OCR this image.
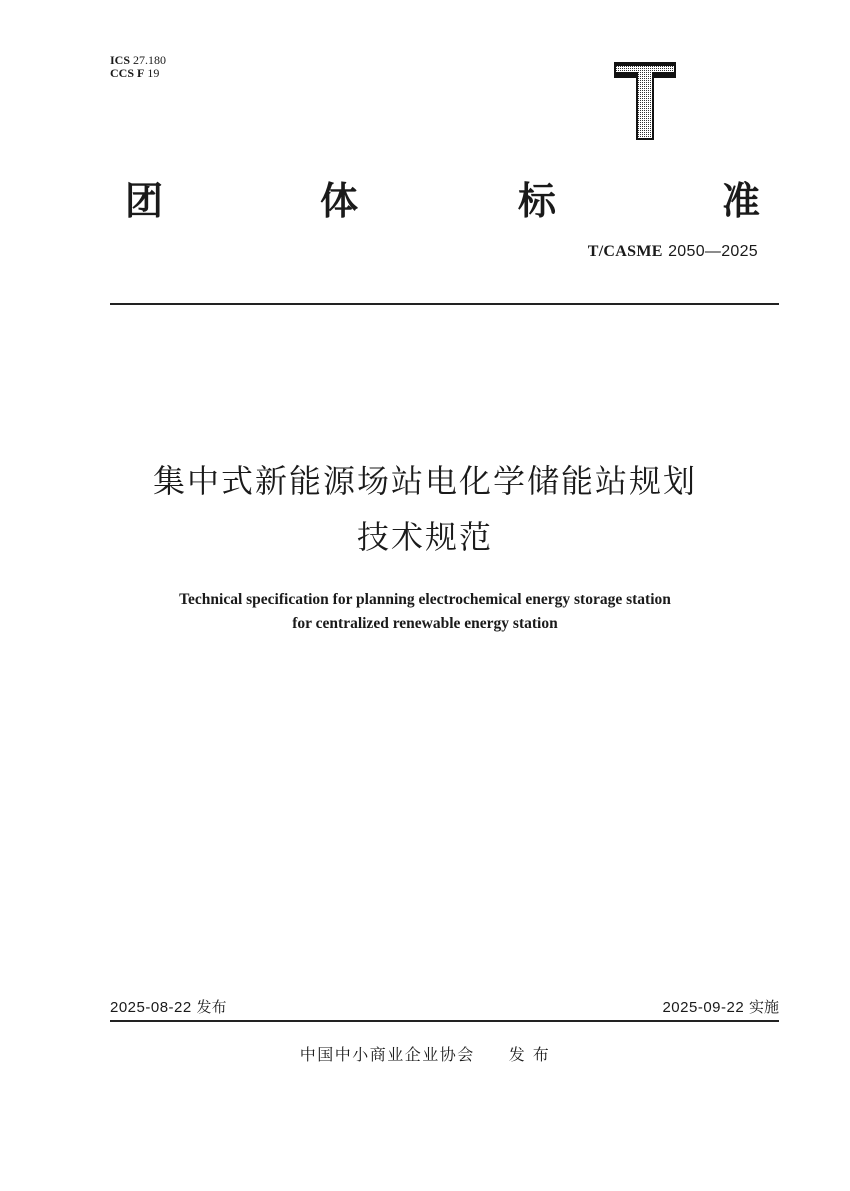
ICS 27.180
CCS F 19
团	体	标	准
T/CASME 2050—2025
集中式新能源场站电化学储能站规划
技术规范
Technical specification for planning electrochemical energy storage station
for centralized renewable energy station
2025-08-22 发布	2025-09-22 实施
中国中小商业企业协会 发 布
